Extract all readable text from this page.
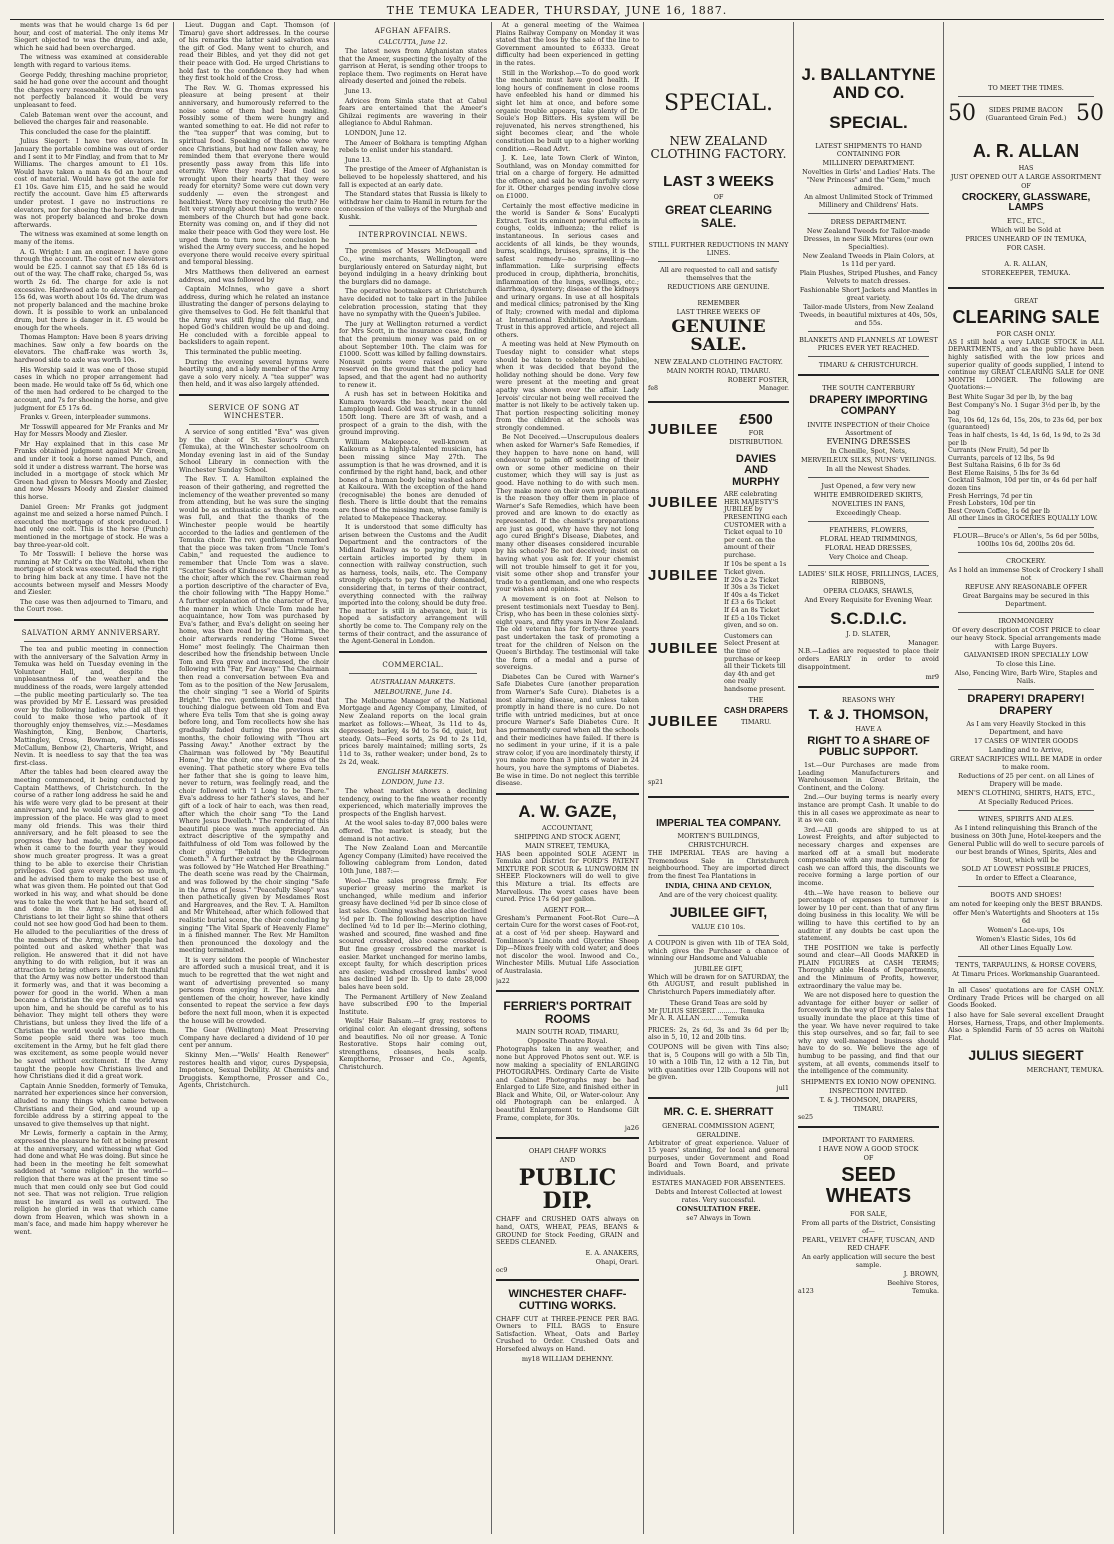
THE TEMUKA LEADER, THURSDAY, JUNE 16, 1887.

ments was that he would charge 1s 6d per hour, and cost of material. The only items Mr Siegert objected to was the drum, and axle, which he said had been overcharged.

The witness was examined at considerable length with regard to various items.

George Peddy, threshing machine proprietor, said he had gone over the account and thought the charges very reasonable. If the drum was not perfectly balanced it would be very unpleasant to feed.

Caleb Bateman went over the account, and believed the charges fair and reasonable.

This concluded the case for the plaintiff.

Julius Siegert: I have two elevators. In January the portable combine was out of order and I sent it to Mr Findlay, and from that to Mr Williams. The charges amount to £1 10s. Would have taken a man 4s 6d an hour and cost of material. Would have got the axle for £1 10s. Gave him £15, and he said he would rectify the account. Gave him £5 afterwards under protest. I gave no instructions re elevators, nor for shoeing the horse. The drum was not properly balanced and broke down afterwards.

The witness was examined at some length on many of the items.

A. G. Wright: I am an engineer. I have gone through the account. The cost of new elevators would be £25. I cannot say that £5 18s 6d is out of the way. The chaff rake, charged 5s, was worth 2s 6d. The charge for axle is not excessive. Hardwood axle to elevator, charged 15s 6d, was worth about 10s 6d. The drum was not properly balanced and the machine broke down. It is possible to work an unbalanced drum, but there is danger in it. £5 would be enough for the wheels.

Thomas Hampton: Have been 8 years driving machines. Saw only a few boards on the elevators. The chaff-rake was worth 3s, hardwood side to axle was worth 10s.

His Worship said it was one of those stupid cases in which no proper arrangement had been made. He would take off 5s 6d, which one of the men had ordered to be charged to the account, and 7s for shoeing the horse, and give judgment for £5 17s 6d.

Franks v. Green, interpleader summons.

Mr Tosswill appeared for Mr Franks and Mr Hay for Messrs Moody and Ziesler.

Mr Hay explained that in this case Mr Franks obtained judgment against Mr Green, and under it took a horse named Punch, and sold it under a distress warrant. The horse was included in a mortgage of stock which Mr Green had given to Messrs Moody and Ziesler, and now Messrs Moody and Ziesler claimed this horse.

Daniel Green: Mr Franks got judgment against me and seized a horse named Punch. I executed the mortgage of stock produced. I had only one colt. This is the horse (Punch) mentioned in the mortgage of stock. He was a bay three-year-old colt.

To Mr Tosswill: I believe the horse was running at Mr Colt's on the Waitohi, when the mortgage of stock was executed. Had the right to bring him back at any time. I have not the accounts between myself and Messrs Moody and Ziesler.

The case was then adjourned to Timaru, and the Court rose.

SALVATION ARMY ANNIVERSARY.

The tea and public meeting in connection with the anniversary of the Salvation Army in Temuka was held on Tuesday evening in the Volunteer Hall, and, despite the unpleasantness of the weather and the muddiness of the roads, were largely attended—the public meeting particularly so. The tea was provided by Mr E. Lessard was presided over by the following ladies, who did all they could to make those who partook of it thoroughly enjoy themselves, viz.:—Mesdames Washington, King, Benbow, Charteris, Mattingley, Cross, Bowman, and Misses McCallum, Benbow (2), Charteris, Wright, and Nevin. It is needless to say that the tea was first-class.

After the tables had been cleared away the meeting commenced, it being conducted by Captain Matthews, of Christchurch. In the course of a rather long address he said he and his wife were very glad to be present at their anniversary, and he would carry away a good impression of the place. He was glad to meet many old friends. This was their third anniversary, and he felt pleased to see the progress they had made, and he supposed when it came to the fourth year they would show much greater progress. It was a great thing to be able to exercise their Christian privileges. God gave every person so much, and he advised them to make the best use of what was given them. He pointed out that God worked in his way, and what should be done was to take the work that he had set, heard of, and done in the Army. He advised all Christians to let their light so shine that others could not see how good God had been to them. He alluded to the peculiarities of the dress of the members of the Army, which people had pointed out and asked whether that was religion. He answered that it did not have anything to do with religion, but it was an attraction to bring others in. He felt thankful that the Army was now better understood than it formerly was, and that it was becoming a power for good in the world. When a man became a Christian the eye of the world was upon him, and he should be careful as to his behavior. They might tell others they were Christians, but unless they lived the life of a Christian the world would not believe them. Some people said there was too much excitement in the Army, but he felt glad there was excitement, as some people would never be saved without excitement. If the Army taught the people how Christians lived and how Christians died it did a great work.

Captain Annie Snedden, formerly of Temuka, narrated her experiences since her conversion, alluded to many things which came between Christians and their God, and wound up a forcible address by a stirring appeal to the unsaved to give themselves up that night.

Mr Lewis, formerly a captain in the Army, expressed the pleasure he felt at being present at the anniversary, and witnessing what God had done and what He was doing. But since he had been in the meeting he felt somewhat saddened at "some religion" in the world—religion that there was at the present time so much that men could only see but God could not see. That was not religion. True religion must be inward as well as outward. The religion he gloried in was that which came down from Heaven, which was shown in a man's face, and made him happy wherever he went.

Lieut. Duggan and Capt. Thomson (of Timaru) gave short addresses. In the course of his remarks the latter said salvation was the gift of God. Many went to church, and read their Bibles, and yet they did not get their peace with God. He urged Christians to hold fast to the confidence they had when they first took hold of the Cross.

The Rev. W. G. Thomas expressed his pleasure at being present at their anniversary, and humorously referred to the noise some of them had been making. Possibly some of them were hungry and wanted something to eat. He did not refer to the "tea supper" that was coming, but to spiritual food. Speaking of those who were once Christians, but had now fallen away, he reminded them that everyone there would presently pass away from this life into eternity. Were they ready? Had God so wrought upon their hearts that they were ready for eternity? Some were cut down very suddenly — even the strongest and healthiest. Were they receiving the truth? He felt very strongly about those who were once members of the Church but had gone back. Eternity was coming on, and if they did not make their peace with God they were lost. He urged them to turn now. In conclusion he wished the Army every success, and he hoped everyone there would receive every spiritual and temporal blessing.

Mrs Matthews then delivered an earnest address, and was followed by

Captain McInnes, who gave a short address, during which he related an instance illustrating the danger of persons delaying to give themselves to God. He felt thankful that the Army was still flying the old flag, and hoped God's children would be up and doing. He concluded with a forcible appeal to backsliders to again repent.

This terminated the public meeting.

During the evening several hymns were heartily sung, and a lady member of the Army gave a solo very nicely. A "tea supper" was then held, and it was also largely attended.

SERVICE OF SONG AT WINCHESTER.

A service of song entitled "Eva" was given by the choir of St. Saviour's Church (Temuka), at the Winchester schoolroom on Monday evening last in aid of the Sunday School Library in connection with the Winchester Sunday School.

The Rev. T. A. Hamilton explained the reason of their gathering, and regretted the inclemency of the weather prevented so many from attending, but he was sure the singing would be as enthusiastic as though the room was full, and that the thanks of the Winchester people would be heartily accorded to the ladies and gentlemen of the Temuka choir. The rev. gentleman remarked that the piece was taken from "Uncle Tom's Cabin," and requested the audience to remember that Uncle Tom was a slave. "Scatter Seeds of Kindness" was then sung by the choir, after which the rev. Chairman read a portion descriptive of the character of Eva, the choir following with "The Happy Home." A further explanation of the character of Eva, the manner in which Uncle Tom made her acquaintance, how Tom was purchased by Eva's father, and Eva's delight on seeing her home, was then read by the Chairman, the choir afterwards rendering "Home Sweet Home" most feelingly. The Chairman then described how the friendship between Uncle Tom and Eva grew and increased, the choir following with "Far, Far Away." The Chairman then read a conversation between Eva and Tom as to the position of the New Jerusalem, the choir singing "I see a World of Spirits Bright." The rev. gentleman then read that touching dialogue between old Tom and Eva where Eva tells Tom that she is going away before long, and Tom recollects how she has gradually faded during the previous six months, the choir following with "Thou art Passing Away." Another extract by the Chairman was followed by "My Beautiful Home," by the choir, one of the gems of the evening. That pathetic story where Eva tells her father that she is going to leave him, never to return, was feelingly read, and the choir followed with "I Long to be There." Eva's address to her father's slaves, and her gift of a lock of hair to each, was then read, after which the choir sang "To the Land Where Jesus Dwelleth." The rendering of this beautiful piece was much appreciated. An extract descriptive of the sympathy and faithfulness of old Tom was followed by the choir giving "Behold the Bridegroom Cometh." A further extract by the Chairman was followed by "He Watched Her Breathing." The death scene was read by the Chairman, and was followed by the choir singing "Safe in the Arms of Jesus." "Peacefully Sleep" was then pathetically given by Mesdames Rost and Hargreaves, and the Rev. T. A. Hamilton and Mr Whitehead, after which followed that realistic burial scene, the choir concluding by singing "The Vital Spark of Heavenly Flame" in a finished manner. The Rev. Mr Hamilton then pronounced the doxology and the meeting terminated.

It is very seldom the people of Winchester are afforded such a musical treat, and it is much to be regretted that the wet night and want of advertising prevented so many persons from enjoying it. The ladies and gentlemen of the choir, however, have kindly consented to repeat the service a few days before the next full moon, when it is expected the house will be crowded.

The Gear (Wellington) Meat Preserving Company have declared a dividend of 10 per cent per annum.

Skinny Men.—"Wells' Health Renewer" restores health and vigor, cures Dyspepsia, Impotence, Sexual Debility. At Chemists and Druggists. Kempthorne, Prosser and Co., Agents, Christchurch.

AFGHAN AFFAIRS.
CALCUTTA, June 12.

The latest news from Afghanistan states that the Ameer, suspecting the loyalty of the garrison at Herat, is sending other troops to replace them. Two regiments on Herat have already deserted and joined the rebels.

June 13.

Advices from Simla state that at Cabul fears are entertained that the Ameer's Ghilzai regiments are wavering in their allegiance to Abdul Rahman.

LONDON, June 12.

The Ameer of Bokhara is tempting Afghan rebels to enlist under his standard.

June 13.

The prestige of the Ameer of Afghanistan is believed to be hopelessly shattered, and his fall is expected at an early date.

The Standard states that Russia is likely to withdraw her claim to Hamil in return for the concession of the valleys of the Murghab and Kushk.

INTERPROVINCIAL NEWS.

The premises of Messrs McDougall and Co., wine merchants, Wellington, were burglariously entered on Saturday night, but beyond indulging in a heavy drinking bout the burglars did no damage.

The operative bootmakers at Christchurch have decided not to take part in the Jubilee celebration procession, stating that they have no sympathy with the Queen's Jubilee.

The jury at Wellington returned a verdict for Mrs Scott, in the insurance case, finding that the premium money was paid on or about September 10th. The claim was for £1000. Scott was killed by falling downstairs. Nonsuit points were raised and were reserved on the ground that the policy had lapsed, and that the agent had no authority to renew it.

A rush has set in between Hokitika and Kumara towards the beach, near the old Lamplough lead. Gold was struck in a tunnel 150ft long. There are 3ft of wash, and a prospect of a grain to the dish, with the ground improving.

William Makepeace, well-known at Kaikoura as a highly-talented musician, has been missing since May 27th. The assumption is that he was drowned, and it is confirmed by the right hand, back, and other bones of a human body being washed ashore at Kaikoura. With the exception of the hand (recognisable) the bones are denuded of flesh. There is little doubt that the remains are those of the missing man, whose family is related to Makepeace Thackeray.

It is understood that some difficulty has arisen between the Customs and the Audit Department and the contractors of the Midland Railway as to paying duty upon certain articles imported by them in connection with railway construction, such as harness, tools, nails, etc. The Company strongly objects to pay the duty demanded, considering that, in terms of their contract, everything connected with the railway imported into the colony, should be duty free. The matter is still in abeyance, but it is hoped a satisfactory arrangement will shortly be come to. The Company rely on the terms of their contract, and the assurance of the Agent-General in London.

COMMERCIAL.
AUSTRALIAN MARKETS.
MELBOURNE, June 14.

The Melbourne Manager of the National Mortgage and Agency Company, Limited, of New Zealand reports on the local grain market as follows:—Wheat, 3s 11d to 4s, depressed; barley, 4s 9d to 5s 6d, quiet, but steady. Oats—Feed sorts, 2s 9d to 2s 11d, prices barely maintained; milling sorts, 2s 11d to 3s, rather weaker; under bond, 2s to 2s 2d, weak.

ENGLISH MARKETS.
LONDON, June 13.

The wheat market shows a declining tendency, owing to the fine weather recently experienced, which materially improves the prospects of the English harvest.

At the wool sales to-day 87,000 bales were offered. The market is steady, but the demand is not active.

The New Zealand Loan and Mercantile Agency Company (Limited) have received the following cablegram from London, dated 10th June, 1887:—

Wool—The sales progress firmly. For superior greasy merino the market is unchanged, while medium and inferior greasy have declined ½d per lb since close of last sales. Combing washed has also declined ½d per lb. The following description have declined ¼d to 1d per lb:—Merino clothing, washed and scoured, fine washed and fine scoured crossbred, also coarse crossbred. But fine greasy crossbred the market is easier. Market unchanged for merino lambs, except faulty, for which description prices are easier; washed crossbred lambs' wool has declined 1d per lb. Up to date 28,000 bales have been sold.

The Permanent Artillery of New Zealand have subscribed £90 to the Imperial Institute.

Wells' Hair Balsam.—If gray, restores to original color. An elegant dressing, softens and beautifies. No oil nor grease. A Tonic Restorative. Stops hair coming out, strengthens, cleanses, heals scalp. Kempthorne, Prosser and Co., Agents, Christchurch.

At a general meeting of the Waimea Plains Railway Company on Monday it was stated that the loss by the sale of the line to Government amounted to £6333. Great difficulty had been experienced in getting in the rates.

Still in the Workshop.—To do good work the mechanic must have good health. If long hours of confinement in close rooms have enfeebled his hand or dimmed his sight let him at once, and before some organic trouble appears, take plenty of Dr. Soule's Hop Bitters. His system will be rejuvenated, his nerves strengthened, his sight becomes clear, and the whole constitution be built up to a higher working condition.—Read Advt.

J. K. Lee, late Town Clerk of Winton, Southland, was on Monday committed for trial on a charge of forgery. He admitted the offence, and said he was fearfully sorry for it. Other charges pending involve close on £1000.

Certainly the most effective medicine in the world is Sander & Sons' Eucalypti Extract. Test its eminent powerful effects in coughs, colds, influenza; the relief is instantaneous. In serious cases and accidents of all kinds, be they wounds, burns, scaldings, bruises, sprains, it is the safest remedy—no swelling—no inflammation. Like surprising effects produced in croup, diphtheria, bronchitis, inflammation of the lungs, swellings, etc.; diarrhœa, dysentery; disease of the kidneys and urinary organs. In use at all hospitals and medical clinics; patronised by the King of Italy; crowned with medal and diploma at International Exhibition, Amsterdam. Trust in this approved article, and reject all others.

A meeting was held at New Plymouth on Tuesday night to consider what steps should be taken to celebrate the Jubilee, when it was decided that beyond the holiday nothing should be done. Very few were present at the meeting and great apathy was shown over the affair. Lady Jervois' circular not being well received the matter is not likely to be actively taken up. That portion respecting soliciting money from the children at the schools was strongly condemned.

Be Not Deceived.—Unscrupulous dealers when asked for Warner's Safe Remedies, if they happen to have none on hand, will endeavour to palm off something of their own or some other medicine on their customer, which they will say is just as good. Have nothing to do with such men. They make more on their own preparations is the reason they offer them in place of Warner's Safe Remedies, which have been proved and are known to do exactly as represented. If the chemist's preparations are just as good, why have they not long ago cured Bright's Disease, Diabetes, and many other diseases considered incurable by his schools? Be not deceived; insist on having what you ask for. If your chemist will not trouble himself to get it for you, visit some other shop and transfer your trade to a gentleman, and one who respects your wishes and opinions.

A movement is on foot at Nelson to present testimonials next Tuesday to Benj. Crisp, who has been in these colonies sixty-eight years, and fifty years in New Zealand. The old veteran has for forty-three years past undertaken the task of promoting a treat for the children of Nelson on the Queen's Birthday. The testimonial will take the form of a medal and a purse of sovereigns.

Diabetes Can be Cured with Warner's Safe Diabetes Cure (another preparation from Warner's Safe Cure). Diabetes is a most alarming disease, and unless taken promptly in hand there is no cure. Do not trifle with untried medicines, but at once procure Warner's Safe Diabetes Cure. It has permanently cured when all the schools and their medicines have failed. If there is no sediment in your urine, if it is a pale straw color, if you are inordinately thirsty, if you make more than 3 pints of water in 24 hours, you have the symptoms of Diabetes. Be wise in time. Do not neglect this terrible disease.

A. W. GAZE,
ACCOUNTANT,
SHIPPING AND STOCK AGENT,
MAIN STREET, TEMUKA,

HAS been appointed SOLE AGENT in Temuka and District for FORD'S PATENT MIXTURE FOR SCOUR & LUNGWORM IN SHEEP. Flockowners will do well to give this Mixture a trial. Its effects are Marvellous. The worst cases have been cured. Price 17s 6d per gallon.

AGENT FOR—

Gresham's Permanent Foot-Rot Cure—A certain Cure for the worst cases of Foot-rot, at a cost of ½d per sheep. Hayward and Tomlinson's Lincoln and Glycerine Sheep Dip—Mixes freely with cold water, and does not discolor the wool. Inwood and Co., Winchester Mills. Mutual Life Association of Australasia.

ja22
FERRIER'S PORTRAIT ROOMS
MAIN SOUTH ROAD, TIMARU,
Opposite Theatre Royal.

Photographs taken in any weather, and none but Approved Photos sent out. W.F. is now making a speciality of ENLARGING PHOTOGRAPHS. Ordinary Carte de Visite and Cabinet Photographs may be had Enlarged to Life Size, and finished either in Black and White, Oil, or Water-colour. Any old Photograph can be enlarged. A beautiful Enlargement to Handsome Gilt Frame, complete, for 30s.

ja26
OHAPI CHAFF WORKS
AND
PUBLIC DIP.

CHAFF and CRUSHED OATS always on hand, OATS, WHEAT, PEAS, BEANS & GROUND for Stock Feeding, GRAIN and SEEDS CLEANED.

E. A. ANAKERS,
Ohapi, Orari.
oc9
WINCHESTER CHAFF-CUTTING WORKS.

CHAFF CUT at THREE-PENCE PER BAG. Owners to FILL BAGS to Ensure Satisfaction. Wheat, Oats and Barley Crushed to Order. Crushed Oats and Horsefeed always on Hand.

my18 WILLIAM DEHENNY.
SPECIAL.
NEW ZEALAND CLOTHING FACTORY.
LAST 3 WEEKS
OF
GREAT CLEARING SALE.
STILL FURTHER REDUCTIONS IN MANY LINES.
All are requested to call and satisfy themselves that the
REDUCTIONS ARE GENUINE.
REMEMBER
LAST THREE WEEKS OF
GENUINE SALE.
NEW ZEALAND CLOTHING FACTORY.
MAIN NORTH ROAD, TIMARU.
ROBERT FOSTER,
fe8	Manager.
JUBILEE
JUBILEE
JUBILEE
JUBILEE
JUBILEE
£500
FOR
DISTRIBUTION.
DAVIES AND MURPHY

ARE celebrating HER MAJESTY'S JUBILEE by PRESENTING each CUSTOMER with a Ticket equal to 10 per cent. on the amount of their purchase.

If 10s be spent a 1s Ticket given.
If 20s a 2s Ticket
If 30s a 3s Ticket
If 40s a 4s Ticket
If £3 a 6s Ticket
If £4 an 8s Ticket
If £5 a 10s Ticket given, and so on.

Customers can Select Present at the time of purchase or keep all their Tickets till day 4th and get one really handsome present.

THE
CASH DRAPERS
TIMARU.
sp21
IMPERIAL TEA COMPANY.
MORTEN'S BUILDINGS,
CHRISTCHURCH.

THE IMPERIAL TEAS are having a Tremendous Sale in Christchurch neighbourhood. They are imported direct from the finest Tea Plantations in

INDIA, CHINA AND CEYLON,
And are of the very choicest quality.
JUBILEE GIFT,
VALUE £10 10s.

A COUPON is given with 1lb of TEA Sold, which gives the Purchaser a chance of winning our Handsome and Valuable

JUBILEE GIFT,

Which will be drawn for on SATURDAY, the 6th AUGUST, and result published in Christchurch Papers immediately after.

These Grand Teas are sold by
Mr JULIUS SIEGERT .......... Temuka
Mr A. R. ALLAN .......... Temuka

PRICES: 2s, 2s 6d, 3s and 3s 6d per lb; also in 5, 10, 12 and 20lb tins.

COUPONS will be given with Tins also; that is, 5 Coupons will go with a 5lb Tin, 10 with a 10lb Tin, 12 with a 12 Tin, but with quantities over 12lb Coupons will not be given.

jul1
MR. C. E. SHERRATT
GENERAL COMMISSION AGENT,
GERALDINE.

Arbitrator of great experience. Valuer of 15 years' standing, for local and general purposes, under Government and Road Board and Town Board, and private individuals.

ESTATES MANAGED FOR ABSENTEES.
Debts and Interest Collected at lowest rates. Very successful.
CONSULTATION FREE.
se7 Always in Town
J. BALLANTYNE AND CO.
SPECIAL.
LATEST SHIPMENTS TO HAND CONTAINING FOR
MILLINERY DEPARTMENT.
Novelties in Girls' and Ladies' Hats. The "New Princess" and the "Gem," much admired.
An almost Unlimited Stock of Trimmed Millinery and Childrens' Hats.
DRESS DEPARTMENT.
New Zealand Tweeds for Tailor-made Dresses, in new Silk Mixtures (our own Specialties).
New Zealand Tweeds in Plain Colors, at 1s 11d per yard.
Plain Plushes, Striped Plushes, and Fancy Velvets to match dresses.
Fashionable Short Jackets and Mantles in great variety.
Tailor-made Ulsters, from New Zealand Tweeds, in beautiful mixtures at 40s, 50s, and 55s.
BLANKETS AND FLANNELS AT LOWEST PRICES EVER YET REACHED.
TIMARU & CHRISTCHURCH.
THE SOUTH CANTERBURY
DRAPERY IMPORTING COMPANY
INVITE INSPECTION of their Choice Assortment of
EVENING DRESSES
In Chenille, Spot, Nets,
MERVEILEUX SILKS, NUNS' VEILINGS.
In all the Newest Shades.
Just Opened, a few very new
WHITE EMBROIDERED SKIRTS,
NOVELTIES IN FANS,
Exceedingly Cheap.
FEATHERS, FLOWERS,
FLORAL HEAD TRIMMINGS,
FLORAL HEAD DRESSES,
Very Choice and Cheap.
LADIES' SILK HOSE, FRILLINGS, LACES, RIBBONS,
OPERA CLOAKS, SHAWLS,
And Every Requisite for Evening Wear.
S.C.D.I.C.
J. D. SLATER,
Manager.

N.B.—Ladies are requested to place their orders EARLY in order to avoid disappointment.

mr9
REASONS WHY
T. & J. THOMSON,
HAVE A
RIGHT TO A SHARE OF PUBLIC SUPPORT.

1st.—Our Purchases are made from Leading Manufacturers and Warehousemen in Great Britain, the Continent, and the Colony.

2nd.—Our buying terms is nearly every instance are prompt Cash. It unable to do this in all cases we approximate as near to it as we can.

3rd.—All goods are shipped to us at Lowest Freights, and after subjected to necessary charges and expenses are marked off at a small but moderate compensable with any margin. Selling for cash we can afford this, the discounts we receive forming a large portion of our income.

4th.—We have reason to believe our percentage of expenses to turnover is lower by 10 per cent. than that of any firm doing business in this locality. We will be willing to have this certified to by an auditor if any doubts be cast upon the statement.

THE POSITION we take is perfectly sound and clear—All Goods MARKED in PLAIN FIGURES at CASH TERMS; Thoroughly able Heads of Departments, and the Minimum of Profits, however, extraordinary the value may be.

We are not disposed here to question the advantage for either buyer or seller of forcework in the way of Drapery Sales that usually inundate the place at this time of the year. We have never required to take this step ourselves, and so far, fail to see why any well-managed business should have to do so. We believe the age of humbug to be passing, and find that our system, at all events, commends itself to the intelligence of the community.

SHIPMENTS EX IONIO NOW OPENING.
INSPECTION INVITED.
T. & J. THOMSON, DRAPERS,
TIMARU.
se25
IMPORTANT TO FARMERS.
I HAVE NOW A GOOD STOCK
OF
SEED WHEATS
FOR SALE,
From all parts of the District, Consisting of—
PEARL, VELVET CHAFF, TUSCAN, AND RED CHAFF.
An early application will secure the best sample.
J. BROWN,
Beehive Stores,
a123	Temuka.
TO MEET THE TIMES.
50	SIDES PRIME BACON (Guaranteed Grain Fed.) 50
A. R. ALLAN
HAS
JUST OPENED OUT A LARGE ASSORTMENT
OF
CROCKERY, GLASSWARE, LAMPS
ETC., ETC.,
Which will be Sold at
PRICES UNHEARD OF IN TEMUKA,
FOR CASH.
A. R. ALLAN,
STOREKEEPER, TEMUKA.
GREAT
CLEARING SALE
FOR CASH ONLY.

AS I still hold a very LARGE STOCK in ALL DEPARTMENTS, and as the public have been highly satisfied with the low prices and superior quality of goods supplied, I intend to continue my GREAT CLEARING SALE for ONE MONTH LONGER. The following are Quotations:—

Best White Sugar 3d per lb, by the bag
Best Company's No. 1 Sugar 3½d per lb, by the bag
Tea, 10s 6d, 12s 6d, 15s, 20s, to 23s 6d, per box (guaranteed)
Teas in half chests, 1s 4d, 1s 6d, 1s 9d, to 2s 3d per lb
Currants (New Fruit), 5d per lb
Currants, parcels of 12 lbs, 5s 9d
Best Sultana Raisins, 6 lb for 3s 6d
Best Eleme Raisins, 5 lbs for 3s 6d
Cocktail Salmon, 10d per tin, or 4s 6d per half dozen tins
Fresh Herrings, 7d per tin
Fresh Lobsters, 10d per tin
Best Crown Coffee, 1s 6d per lb
All other Lines in GROCERIES EQUALLY LOW.
FLOUR—Bruce's or Allen's, 5s 6d per 50lbs, 100lbs 10s 6d, 200lbs 20s 6d.
CROCKERY.
As I hold an immense Stock of Crockery I shall not
REFUSE ANY REASONABLE OFFER
Great Bargains may be secured in this Department.
IRONMONGERY
Of every description at COST PRICE to clear our heavy Stock. Special arrangements made with Large Buyers.
GALVANISED IRON SPECIALLY LOW
To close this Line.
Also, Fencing Wire, Barb Wire, Staples and Nails.
DRAPERY! DRAPERY! DRAPERY
As I am very Heavily Stocked in this Department, and have
17 CASES OF WINTER GOODS
Landing and to Arrive,
GREAT SACRIFICES WILL BE MADE in order to make room.
Reductions of 25 per cent. on all Lines of Drapery will be made.
MEN'S CLOTHING, SHIRTS, HATS, ETC.,
At Specially Reduced Prices.
WINES, SPIRITS AND ALES.
As I intend relinquishing this Branch of the business on 30th June, Hotel-keepers and the General Public will do well to secure parcels of our best brands of Wines, Spirits, Ales and Stout, which will be
SOLD AT LOWEST POSSIBLE PRICES,
In order to Effect a Clearance,
BOOTS AND SHOES!
am noted for keeping only the BEST BRANDS.
offer Men's Watertights and Shooters at 15s 6d
Women's Lace-ups, 10s
Women's Elastic Sides, 10s 6d
All other Lines Equally Low.
TENTS, TARPAULINS, & HORSE COVERS,
At Timaru Prices. Workmanship Guaranteed.

In all Cases' quotations are for CASH ONLY. Ordinary Trade Prices will be charged on all Goods Booked.

I also have for Sale several excellent Draught Horses, Harness, Traps, and other Implements. Also a Splendid Farm of 55 acres on Waitohi Flat.

JULIUS SIEGERT
MERCHANT, TEMUKA.
